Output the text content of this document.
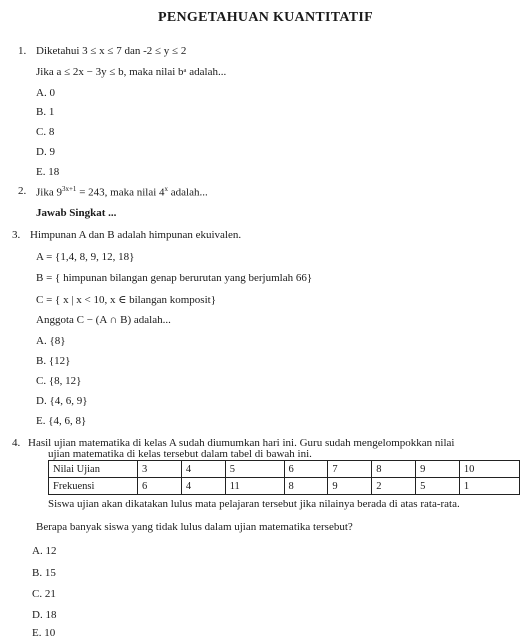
PENGETAHUAN KUANTITATIF
1. Diketahui 3 ≤ x ≤ 7 dan -2 ≤ y ≤ 2
Jika a ≤ 2x − 3y ≤ b, maka nilai bᵃ adalah...
A. 0
B. 1
C. 8
D. 9
E. 18
2. Jika $9^{3x+1} = 243$, maka nilai 4$^x$ adalah...
Jawab Singkat ...
3. Himpunan A dan B adalah himpunan ekuivalen.
A = {1,4, 8, 9, 12, 18}
B = { himpunan bilangan genap berurutan yang berjumlah 66}
C = { x | x < 10, x ∈ bilangan komposit}
Anggota C − (A ∩ B) adalah...
A. {8}
B. {12}
C. {8, 12}
D. {4, 6, 9}
E. {4, 6, 8}
4. Hasil ujian matematika di kelas A sudah diumumkan hari ini. Guru sudah mengelompokkan nilai
ujian matematika di kelas tersebut dalam tabel di bawah ini.
Nilai Ujian	3	4	5	6	7	8	9	10
Frekuensi	6	4	11	8	9	2	5	1
Siswa ujian akan dikatakan lulus mata pelajaran tersebut jika nilainya berada di atas rata-rata.
Berapa banyak siswa yang tidak lulus dalam ujian matematika tersebut?
A. 12
B. 15
C. 21
D. 18
E. 10
